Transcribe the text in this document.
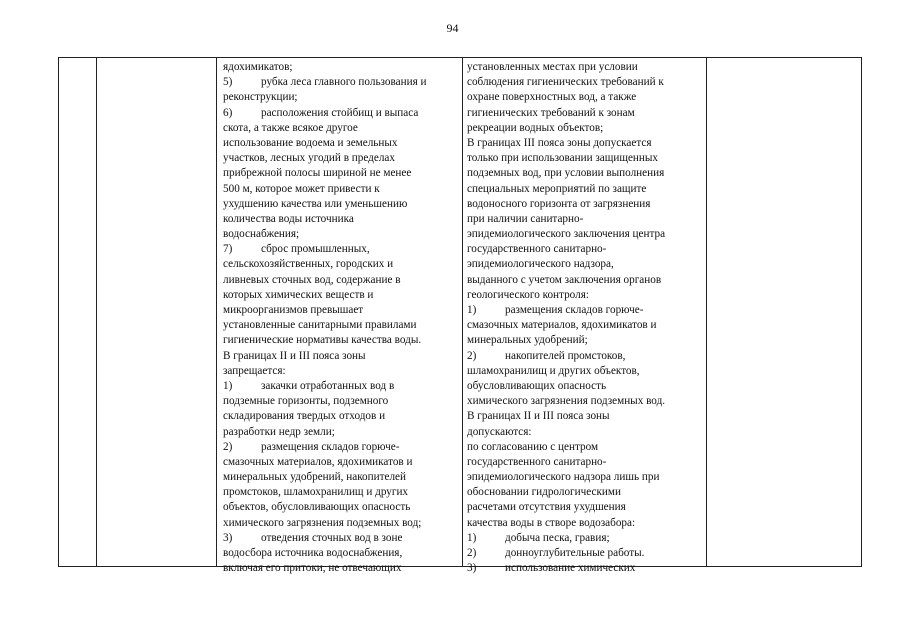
94
ядохимикатов;
5)	рубка леса главного пользования и
реконструкции;
6)	расположения стойбищ и выпаса
скота, а также всякое другое
использование водоема и земельных
участков, лесных угодий в пределах
прибрежной полосы шириной не менее
500 м, которое может привести к
ухудшению качества или уменьшению
количества воды источника
водоснабжения;
7)	сброс промышленных,
сельскохозяйственных, городских и
ливневых сточных вод, содержание в
которых химических веществ и
микроорганизмов превышает
установленные санитарными правилами
гигиенические нормативы качества воды.
В границах II и III пояса зоны
запрещается:
1)	закачки отработанных вод в
подземные горизонты, подземного
складирования твердых отходов и
разработки недр земли;
2)	размещения складов горюче-
смазочных материалов, ядохимикатов и
минеральных удобрений, накопителей
промстоков, шламохранилищ и других
объектов, обусловливающих опасность
химического загрязнения подземных вод;
3)	отведения сточных вод в зоне
водосбора источника водоснабжения,
включая его притоки, не отвечающих
установленных местах при условии
соблюдения гигиенических требований к
охране поверхностных вод, а также
гигиенических требований к зонам
рекреации водных объектов;
В границах III пояса зоны допускается
только при использовании защищенных
подземных вод, при условии выполнения
специальных мероприятий по защите
водоносного горизонта от загрязнения
при наличии санитарно-
эпидемиологического заключения центра
государственного санитарно-
эпидемиологического надзора,
выданного с учетом заключения органов
геологического контроля:
1)	размещения складов горюче-
смазочных материалов, ядохимикатов и
минеральных удобрений;
2)	накопителей промстоков,
шламохранилищ и других объектов,
обусловливающих опасность
химического загрязнения подземных вод.
В границах II и III пояса зоны
допускаются:
по согласованию с центром
государственного санитарно-
эпидемиологического надзора лишь при
обосновании гидрологическими
расчетами отсутствия ухудшения
качества воды в створе водозабора:
1)	добыча песка, гравия;
2)	донноуглубительные работы.
3)	использование химических
